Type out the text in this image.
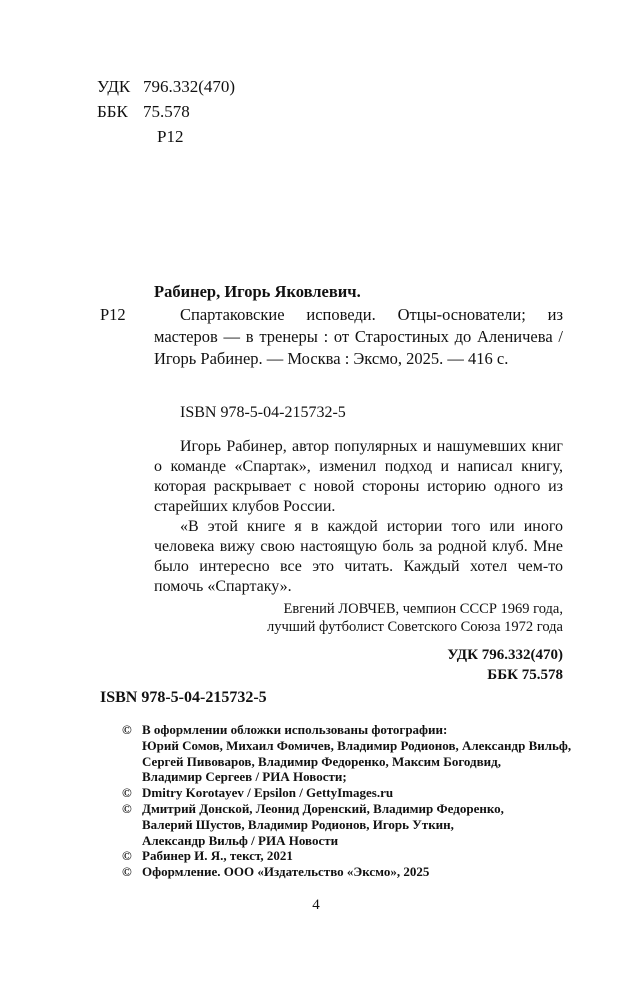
УДК 796.332(470)
ББК 75.578
Р12
Рабинер, Игорь Яковлевич.
Р12	Спартаковские исповеди. Отцы-основатели; из мастеров — в тренеры : от Старостиных до Аленичева / Игорь Рабинер. — Москва : Эксмо, 2025. — 416 с.
ISBN 978-5-04-215732-5

Игорь Рабинер, автор популярных и нашумевших книг о команде «Спартак», изменил подход и написал книгу, которая раскрывает с новой стороны историю одного из старейших клубов России.

«В этой книге я в каждой истории того или иного человека вижу свою настоящую боль за родной клуб. Мне было интересно все это читать. Каждый хотел чем-то помочь «Спартаку».

Евгений ЛОВЧЕВ, чемпион СССР 1969 года,
лучший футболист Советского Союза 1972 года
УДК 796.332(470)
ББК 75.578
ISBN 978-5-04-215732-5
© В оформлении обложки использованы фотографии:
Юрий Сомов, Михаил Фомичев, Владимир Родионов, Александр Вильф,
Сергей Пивоваров, Владимир Федоренко, Максим Богодвид,
Владимир Сергеев / РИА Новости;
© Dmitry Korotayev / Epsilon / GettyImages.ru
© Дмитрий Донской, Леонид Доренский, Владимир Федоренко,
Валерий Шустов, Владимир Родионов, Игорь Уткин,
Александр Вильф / РИА Новости
© Рабинер И. Я., текст, 2021
© Оформление. ООО «Издательство «Эксмо», 2025
4
